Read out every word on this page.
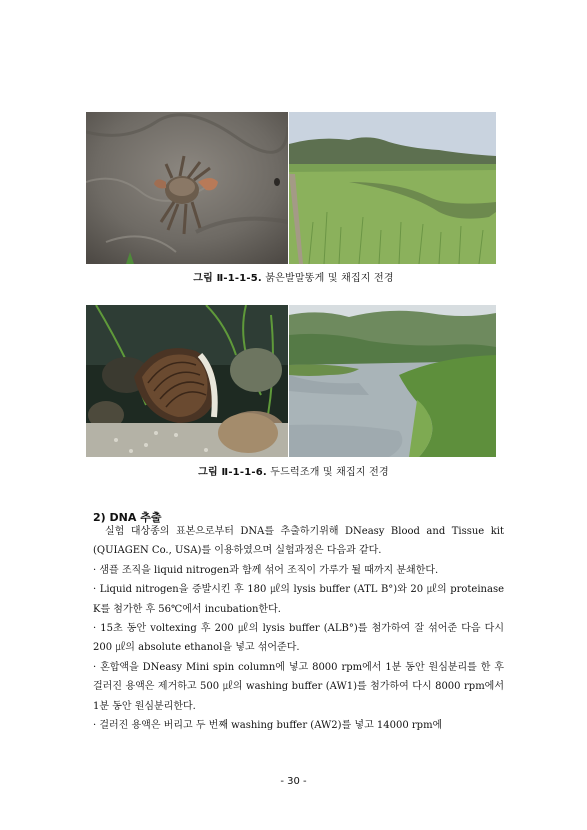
그림 Ⅱ-1-1-5. 붉은발말똥게 및 채집지 전경
그림 Ⅱ-1-1-6. 두드럭조개 및 채집지 전경
2) DNA 추출

실험 대상종의 표본으로부터 DNA를 추출하기위해 DNeasy Blood and Tissue kit (QUIAGEN Co., USA)를 이용하였으며 실험과정은 다음과 같다.

· 샘플 조직을 liquid nitrogen과 함께 섞어 조직이 가루가 될 때까지 분쇄한다.

· Liquid nitrogen을 증발시킨 후 180 ㎕의 lysis buffer (ATL B°)와 20 ㎕의 proteinase K를 첨가한 후 56℃에서 incubation한다.

· 15초 동안 voltexing 후 200 ㎕의 lysis buffer (ALB°)를 첨가하여 잘 섞어준 다음 다시 200 ㎕의 absolute ethanol을 넣고 섞어준다.

· 혼합액을 DNeasy Mini spin column에 넣고 8000 rpm에서 1분 동안 원심분리를 한 후 걸러진 용액은 제거하고 500 ㎕의 washing buffer (AW1)를 첨가하여 다시 8000 rpm에서 1분 동안 원심분리한다.

· 걸러진 용액은 버리고 두 번째 washing buffer (AW2)를 넣고 14000 rpm에

- 30 -
